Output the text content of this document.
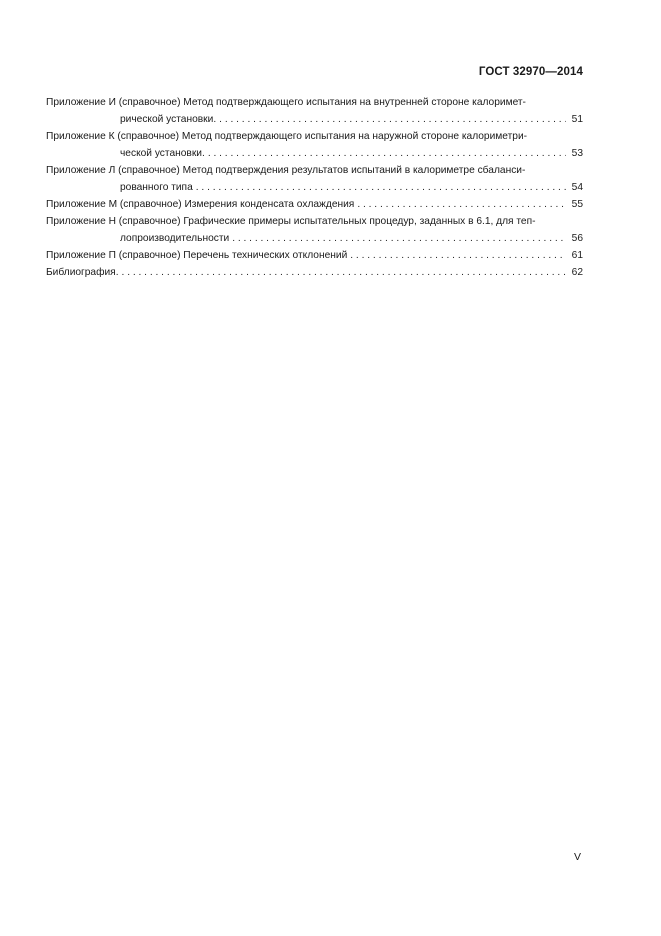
ГОСТ 32970—2014
Приложение И (справочное) Метод подтверждающего испытания на внутренней стороне калоримет-
рической установки. . . .	51
Приложение К (справочное) Метод подтверждающего испытания на наружной стороне калориметри-
ческой установки. . . .	53
Приложение Л (справочное) Метод подтверждения результатов испытаний в калориметре сбаланси-
рованного типа . . .	54
Приложение М (справочное) Измерения конденсата охлаждения . . .	55
Приложение Н (справочное) Графические примеры испытательных процедур, заданных в 6.1, для теп-
лопроизводительности . . .	56
Приложение П (справочное) Перечень технических отклонений . . .	61
Библиография. . . .	62
V
